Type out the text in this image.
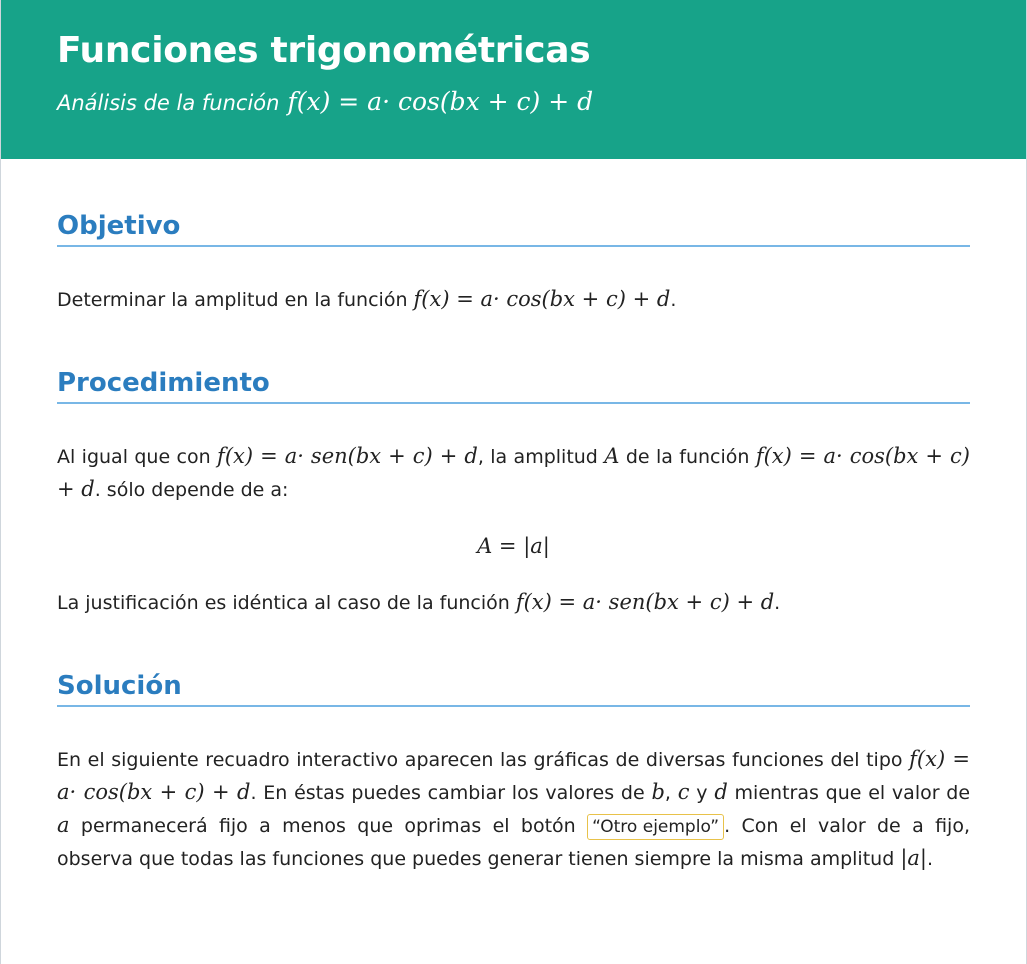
Funciones trigonométricas
Análisis de la función f(x) = a· cos(bx + c) + d
Objetivo

Determinar la amplitud en la función f(x) = a· cos(bx + c) + d.

Procedimiento

Al igual que con f(x) = a· sen(bx + c) + d, la amplitud A de la función f(x) = a· cos(bx + c) + d. sólo depende de a:

A = |a|

La justificación es idéntica al caso de la función f(x) = a· sen(bx + c) + d.

Solución

En el siguiente recuadro interactivo aparecen las gráficas de diversas funciones del tipo f(x) = a· cos(bx + c) + d. En éstas puedes cambiar los valores de b, c y d mientras que el valor de a permanecerá fijo a menos que oprimas el botón “Otro ejemplo” . Con el valor de a fijo, observa que todas las funciones que puedes generar tienen siempre la misma amplitud |a|.
